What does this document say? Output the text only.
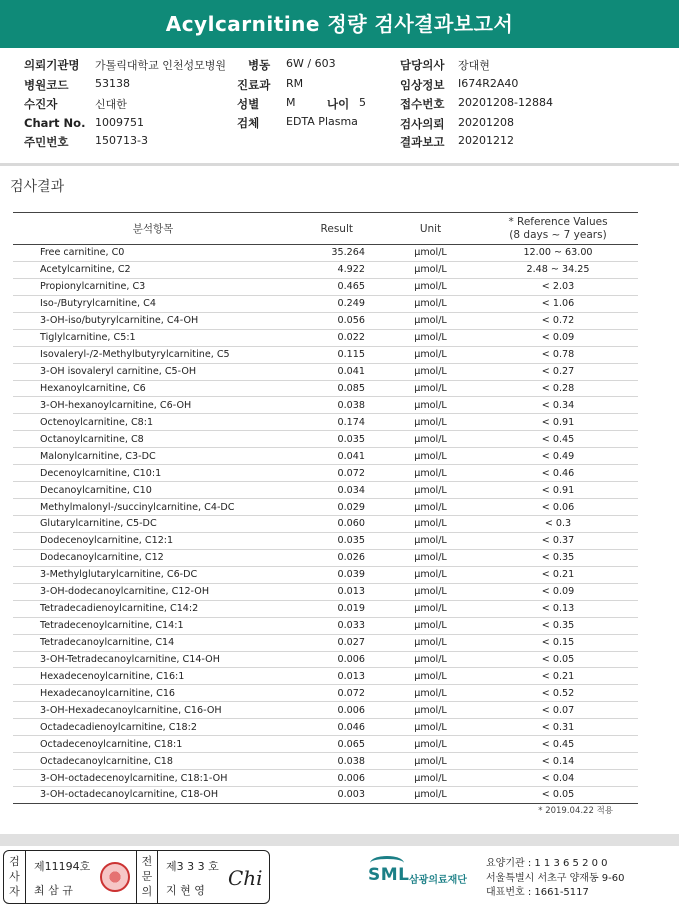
Acylcarnitine 정량 검사결과보고서
의뢰기관명 가톨릭대학교 인천성모병원
병원코드 53138
수진자	신대한
Chart No. 1009751
주민번호 150713-3
병동 6W / 603
진료과 RM
성별 M	나이 5
검체 EDTA Plasma
담당의사 장대현
임상정보 I674R2A40
접수번호 20201208-12884
검사의뢰 20201208
결과보고 20201212
검사결과
분석항목	Result	Unit	* Reference Values
(8 days ~ 7 years)

Free carnitine, C0	35.264	μmol/L	12.00 ~ 63.00
Acetylcarnitine, C2	4.922	μmol/L	2.48 ~ 34.25
Propionylcarnitine, C3	0.465	μmol/L	< 2.03
Iso-/Butyrylcarnitine, C4	0.249	μmol/L	< 1.06
3-OH-iso/butyrylcarnitine, C4-OH	0.056	μmol/L	< 0.72
Tiglylcarnitine, C5:1	0.022	μmol/L	< 0.09
Isovaleryl-/2-Methylbutyrylcarnitine, C5	0.115	μmol/L	< 0.78
3-OH isovaleryl carnitine, C5-OH	0.041	μmol/L	< 0.27
Hexanoylcarnitine, C6	0.085	μmol/L	< 0.28
3-OH-hexanoylcarnitine, C6-OH	0.038	μmol/L	< 0.34
Octenoylcarnitine, C8:1	0.174	μmol/L	< 0.91
Octanoylcarnitine, C8	0.035	μmol/L	< 0.45
Malonylcarnitine, C3-DC	0.041	μmol/L	< 0.49
Decenoylcarnitine, C10:1	0.072	μmol/L	< 0.46
Decanoylcarnitine, C10	0.034	μmol/L	< 0.91
Methylmalonyl-/succinylcarnitine, C4-DC	0.029	μmol/L	< 0.06
Glutarylcarnitine, C5-DC	0.060	μmol/L	< 0.3
Dodecenoylcarnitine, C12:1	0.035	μmol/L	< 0.37
Dodecanoylcarnitine, C12	0.026	μmol/L	< 0.35
3-Methylglutarylcarnitine, C6-DC	0.039	μmol/L	< 0.21
3-OH-dodecanoylcarnitine, C12-OH	0.013	μmol/L	< 0.09
Tetradecadienoylcarnitine, C14:2	0.019	μmol/L	< 0.13
Tetradecenoylcarnitine, C14:1	0.033	μmol/L	< 0.35
Tetradecanoylcarnitine, C14	0.027	μmol/L	< 0.15
3-OH-Tetradecanoylcarnitine, C14-OH	0.006	μmol/L	< 0.05
Hexadecenoylcarnitine, C16:1	0.013	μmol/L	< 0.21
Hexadecanoylcarnitine, C16	0.072	μmol/L	< 0.52
3-OH-Hexadecanoylcarnitine, C16-OH	0.006	μmol/L	< 0.07
Octadecadienoylcarnitine, C18:2	0.046	μmol/L	< 0.31
Octadecenoylcarnitine, C18:1	0.065	μmol/L	< 0.45
Octadecanoylcarnitine, C18	0.038	μmol/L	< 0.14
3-OH-octadecenoylcarnitine, C18:1-OH	0.006	μmol/L	< 0.04
3-OH-octadecanoylcarnitine, C18-OH	0.003	μmol/L	< 0.05
* 2019.04.22 적용
검
사
자
제11194호
최 삼 규
전
문
의
제3 3 3 호
지 현 영
Chi	SML 삼광의료재단
요양기관 : 1 1 3 6 5 2 0 0
서울특별시 서초구 양재동 9-60
대표번호 : 1661-5117
